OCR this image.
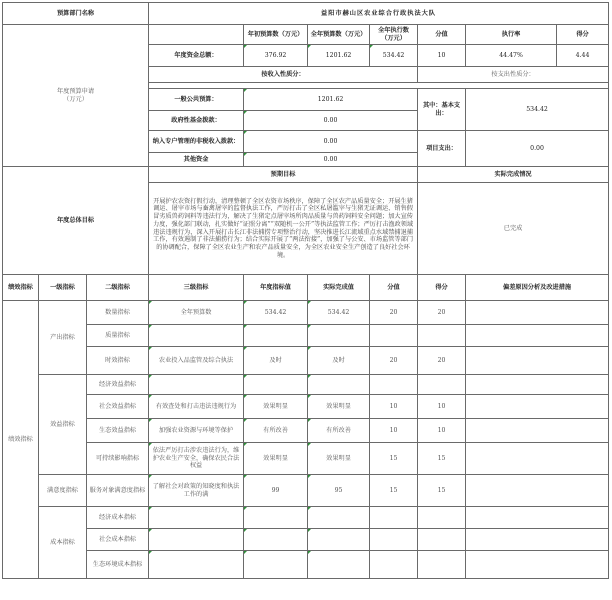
预算部门名称			益阳市赫山区农业综合行政执法大队						
年度预算申请
（万元）				年初预算数（万元）	全年预算数（万元）	全年执行数（万元）	分值	执行率	得分
			年度资金总额：	376.92	1201.62	534.42	10	44.47%	4.44
			按收入性质分：				按支出性质分：		

			一般公共预算：	1201.62			其中：基本支出：	534.42	
			政府性基金拨款：	0.00					
			纳入专户管理的非税收入拨款：	0.00			项目支出：	0.00	
			其他资金	0.00					
年度总体目标			预期目标				实际完成情况		
			开展护农农资打假行动，清理整顿了全区农资市场秩序，保障了全区农产品质量安全；开展生猪调运、屠宰市场与畜禽屠宰的监督执法工作，严厉打击了全区私屠滥宰与生猪无证调运、销售假冒劣质兽药饲料等违法行为，解决了生猪定点屠宰场所肉品质量与兽药饲料安全问题；加大宣传力度，强化部门联动，扎实做好“证照分离”“双随机一公开”等执法监管工作；严厉打击渔政领域违法违规行为，深入开展打击长江非法捕捞专项整治行动，坚决推进长江流域重点水域禁捕退捕工作，有效遏制了非法捕捞行为；结合实际开展了“两法衔接”，加强了与公安、市场监管等部门的协调配合，保障了全区农业生产和农产品质量安全，为全区农业安全生产创造了良好社会环境。				已完成		
绩效指标	一级指标	二级指标	三级指标	年度指标值	实际完成值	分值	得分	偏差原因分析及改进措施	
绩效指标	产出指标	数量指标	全年预算数	534.42	534.42	20	20		
		质量指标							
		时效指标	农业投入品监管及综合执法	及时	及时	20	20		
	效益指标	经济效益指标							
		社会效益指标	有效查处和打击违法违规行为	效果明显	效果明显	10	10		
		生态效益指标	加强农业资源与环境等保护	有所改善	有所改善	10	10		
		可持续影响指标	依法严厉打击涉农违法行为，维护农业生产安全，确保农民合法权益	效果明显	效果明显	15	15		
	满意度指标	服务对象满意度指标	了解社会对政策的知晓度和执法工作的满	99	95	15	15		
	成本指标	经济成本指标							
		社会成本指标							
		生态环境成本指标							
